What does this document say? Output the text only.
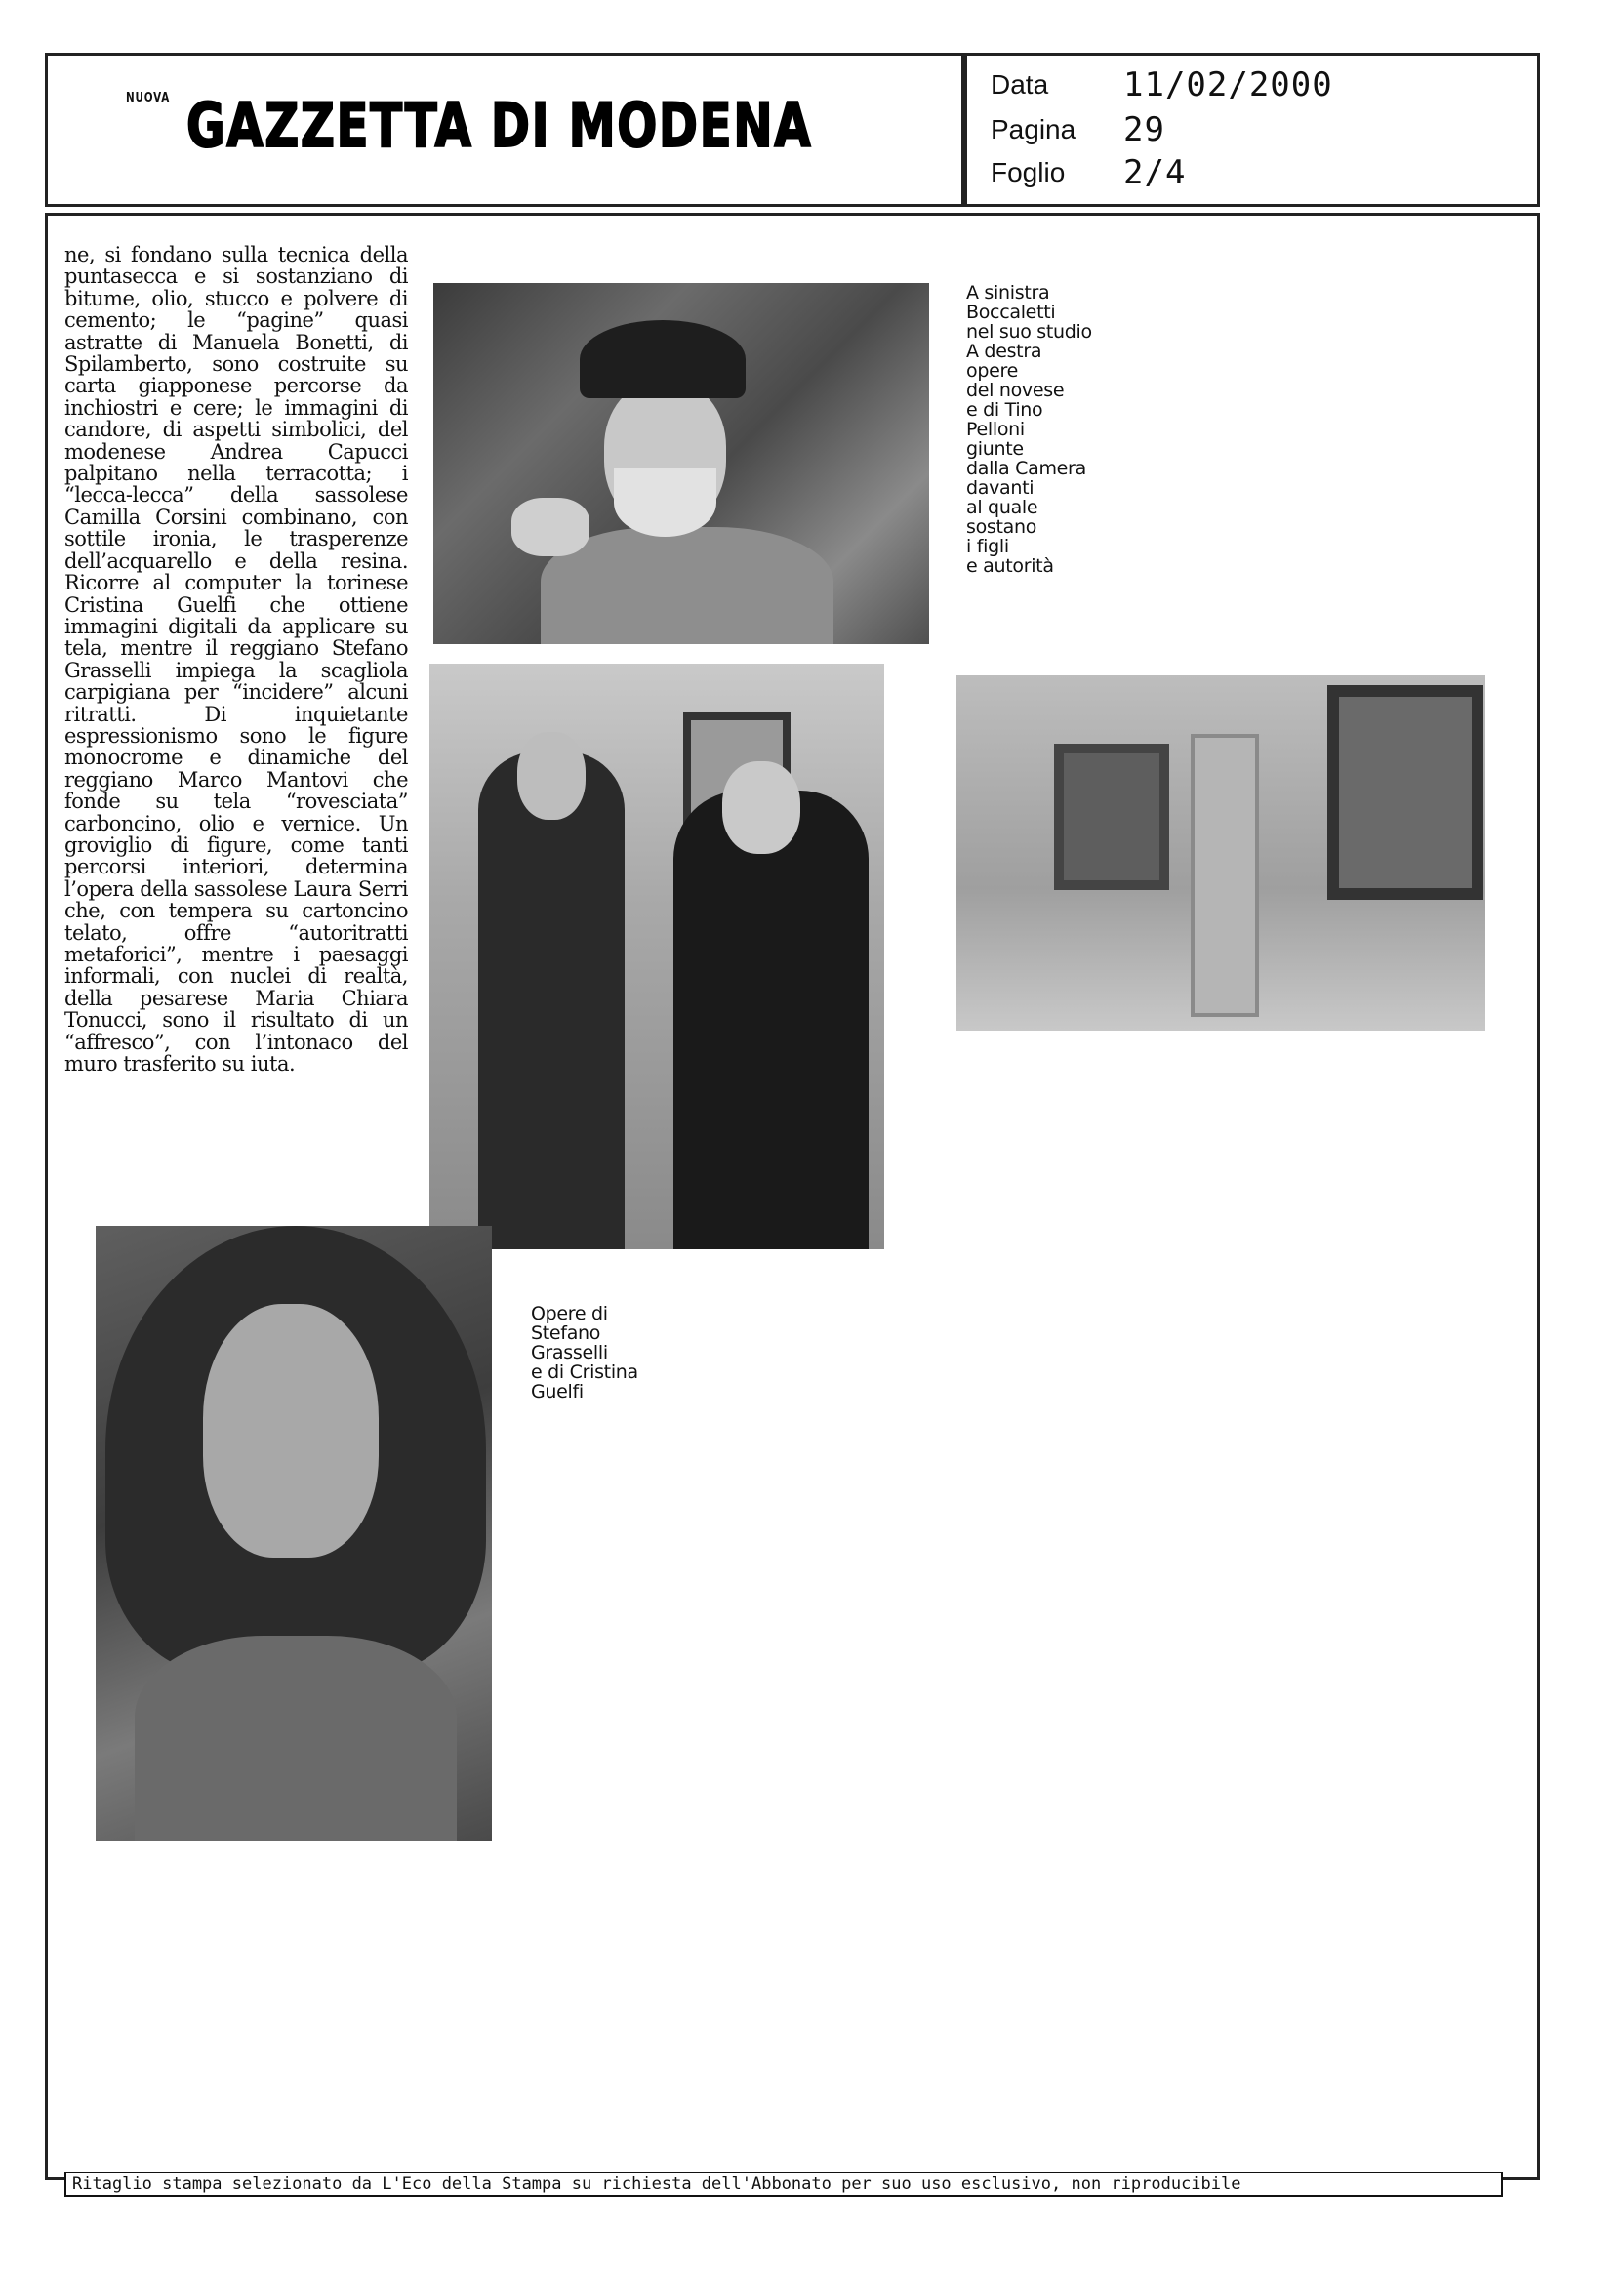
NUOVA GAZZETTA DI MODENA
Data 11/02/2000
Pagina 29
Foglio 2/4
ne, si fondano sulla tecnica della puntasecca e si sostanziano di bitume, olio, stucco e polvere di cemento; le “pagine” quasi astratte di Manuela Bonetti, di Spilamberto, sono costruite su carta giapponese percorse da inchiostri e cere; le immagini di candore, di aspetti simbolici, del modenese Andrea Capucci palpitano nella terracotta; i “lecca-lecca” della sassolese Camilla Corsini combinano, con sottile ironia, le trasperenze dell’acquarello e della resina. Ricorre al computer la torinese Cristina Guelfi che ottiene immagini digitali da applicare su tela, mentre il reggiano Stefano Grasselli impiega la scagliola carpigiana per “incidere” alcuni ritratti. Di inquietante espressionismo sono le figure monocrome e dinamiche del reggiano Marco Mantovi che fonde su tela “rovesciata” carboncino, olio e vernice. Un groviglio di figure, come tanti percorsi interiori, determina l’opera della sassolese Laura Serri che, con tempera su cartoncino telato, offre “autoritratti metaforici”, mentre i paesaggi informali, con nuclei di realtà, della pesarese Maria Chiara Tonucci, sono il risultato di un “affresco”, con l’intonaco del muro trasferito su iuta.
A sinistra
Boccaletti
nel suo studio
A destra
opere
del novese
e di Tino
Pelloni
giunte
dalla Camera
davanti
al quale
sostano
i figli
e autorità
Opere di
Stefano
Grasselli
e di Cristina
Guelfi
Ritaglio stampa selezionato da L'Eco della Stampa su richiesta dell'Abbonato per suo uso esclusivo, non riproducibile
